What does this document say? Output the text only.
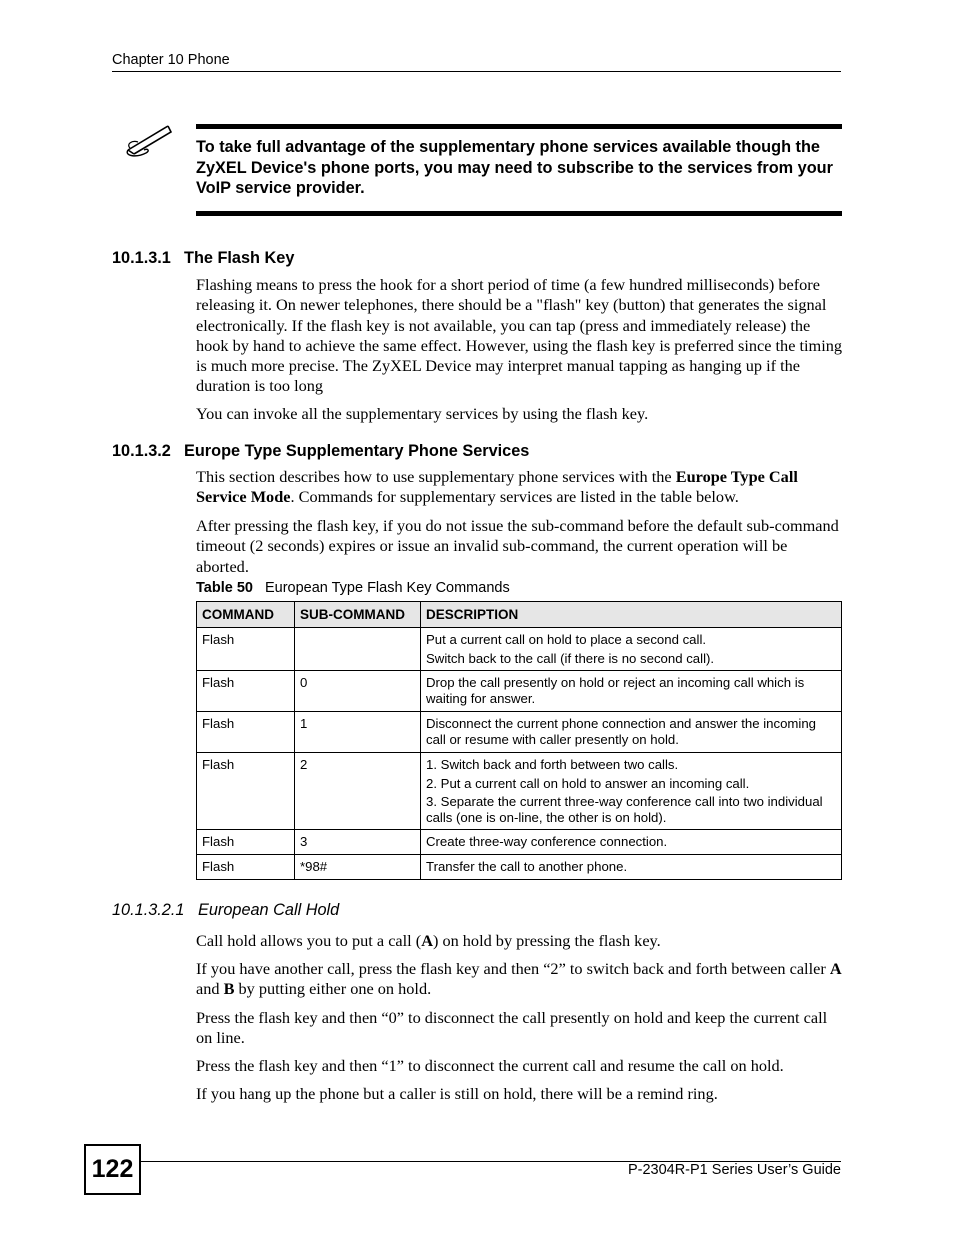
Chapter 10 Phone
To take full advantage of the supplementary phone services available though the ZyXEL Device's phone ports, you may need to subscribe to the services from your VoIP service provider.
10.1.3.1 The Flash Key
Flashing means to press the hook for a short period of time (a few hundred milliseconds) before releasing it. On newer telephones, there should be a "flash" key (button) that generates the signal electronically. If the flash key is not available, you can tap (press and immediately release) the hook by hand to achieve the same effect. However, using the flash key is preferred since the timing is much more precise. The ZyXEL Device may interpret manual tapping as hanging up if the duration is too long
You can invoke all the supplementary services by using the flash key.
10.1.3.2 Europe Type Supplementary Phone Services
This section describes how to use supplementary phone services with the Europe Type Call Service Mode. Commands for supplementary services are listed in the table below.
After pressing the flash key, if you do not issue the sub-command before the default sub-command timeout (2 seconds) expires or issue an invalid sub-command, the current operation will be aborted.
Table 50 European Type Flash Key Commands
COMMAND	SUB-COMMAND	DESCRIPTION
Flash		Put a current call on hold to place a second call.

Switch back to the call (if there is no second call).

Flash	0	Drop the call presently on hold or reject an incoming call which is waiting for answer.

Flash	1	Disconnect the current phone connection and answer the incoming call or resume with caller presently on hold.

Flash	2	1. Switch back and forth between two calls.

2. Put a current call on hold to answer an incoming call.

3. Separate the current three-way conference call into two individual calls (one is on-line, the other is on hold).

Flash	3	Create three-way conference connection.

Flash	*98#	Transfer the call to another phone.

10.1.3.2.1 European Call Hold
Call hold allows you to put a call (A) on hold by pressing the flash key.
If you have another call, press the flash key and then “2” to switch back and forth between caller A and B by putting either one on hold.
Press the flash key and then “0” to disconnect the call presently on hold and keep the current call on line.
Press the flash key and then “1” to disconnect the current call and resume the call on hold.
If you hang up the phone but a caller is still on hold, there will be a remind ring.
122	P-2304R-P1 Series User’s Guide
